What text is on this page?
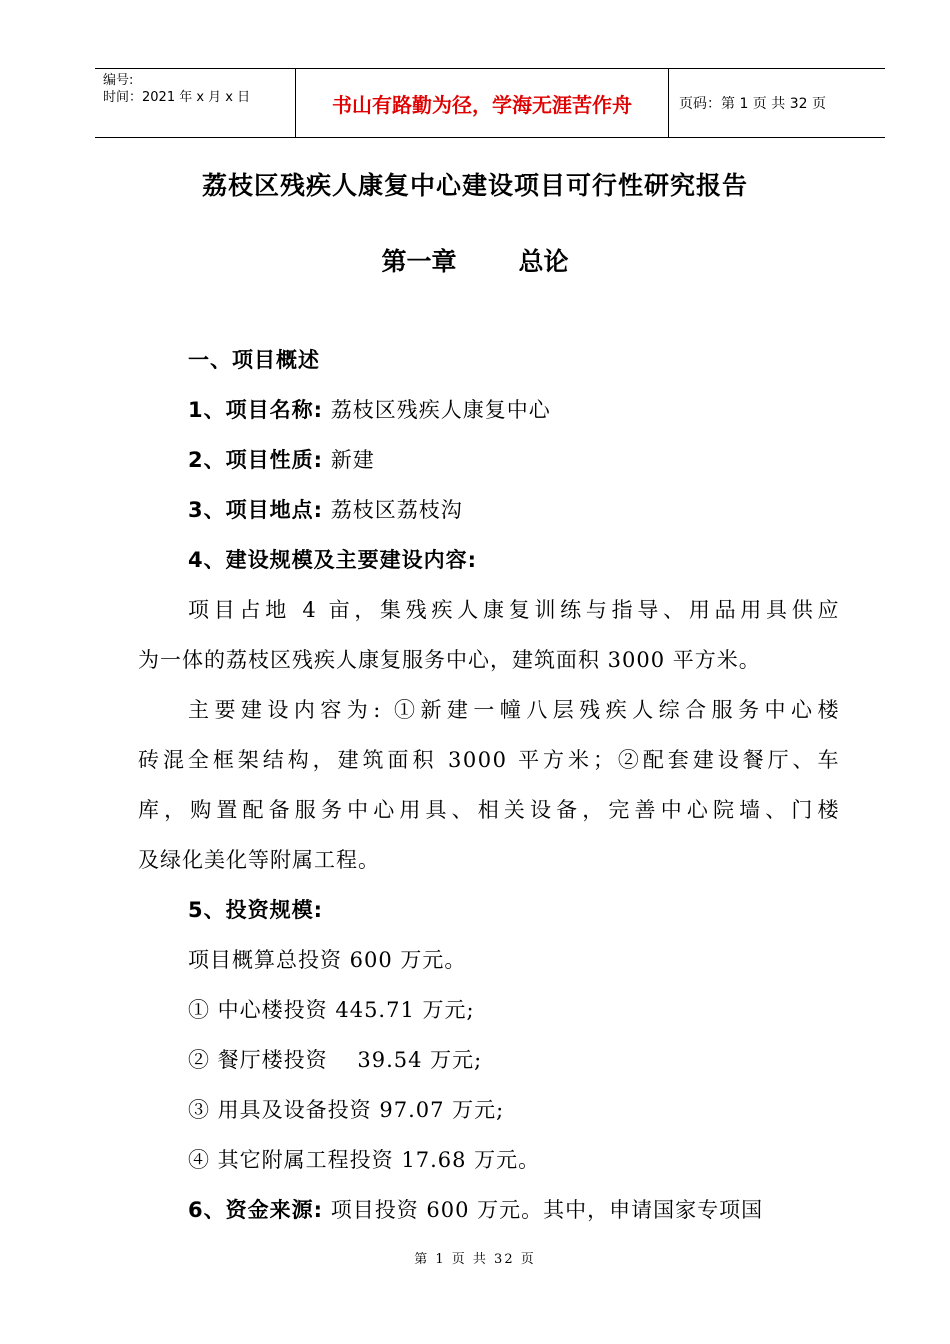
编号:
时间：2021 年 x 月 x 日	书山有路勤为径，学海无涯苦作舟	页码：第 1 页 共 32 页
荔枝区残疾人康复中心建设项目可行性研究报告
第一章 总论
一、项目概述
1、项目名称: 荔枝区残疾人康复中心
2、项目性质: 新建
3、项目地点: 荔枝区荔枝沟
4、建设规模及主要建设内容:
项目占地 4 亩，集残疾人康复训练与指导、用品用具供应
为一体的荔枝区残疾人康复服务中心，建筑面积 3000 平方米。
主要建设内容为: ①新建一幢八层残疾人综合服务中心楼
砖混全框架结构，建筑面积 3000 平方米；②配套建设餐厅、车
库，购置配备服务中心用具、相关设备，完善中心院墙、门楼
及绿化美化等附属工程。
5、投资规模:
项目概算总投资 600 万元。
① 中心楼投资 445.71 万元;
② 餐厅楼投资　 39.54 万元;
③ 用具及设备投资 97.07 万元;
④ 其它附属工程投资 17.68 万元。
6、资金来源: 项目投资 600 万元。其中，申请国家专项国
第 1 页 共 32 页
